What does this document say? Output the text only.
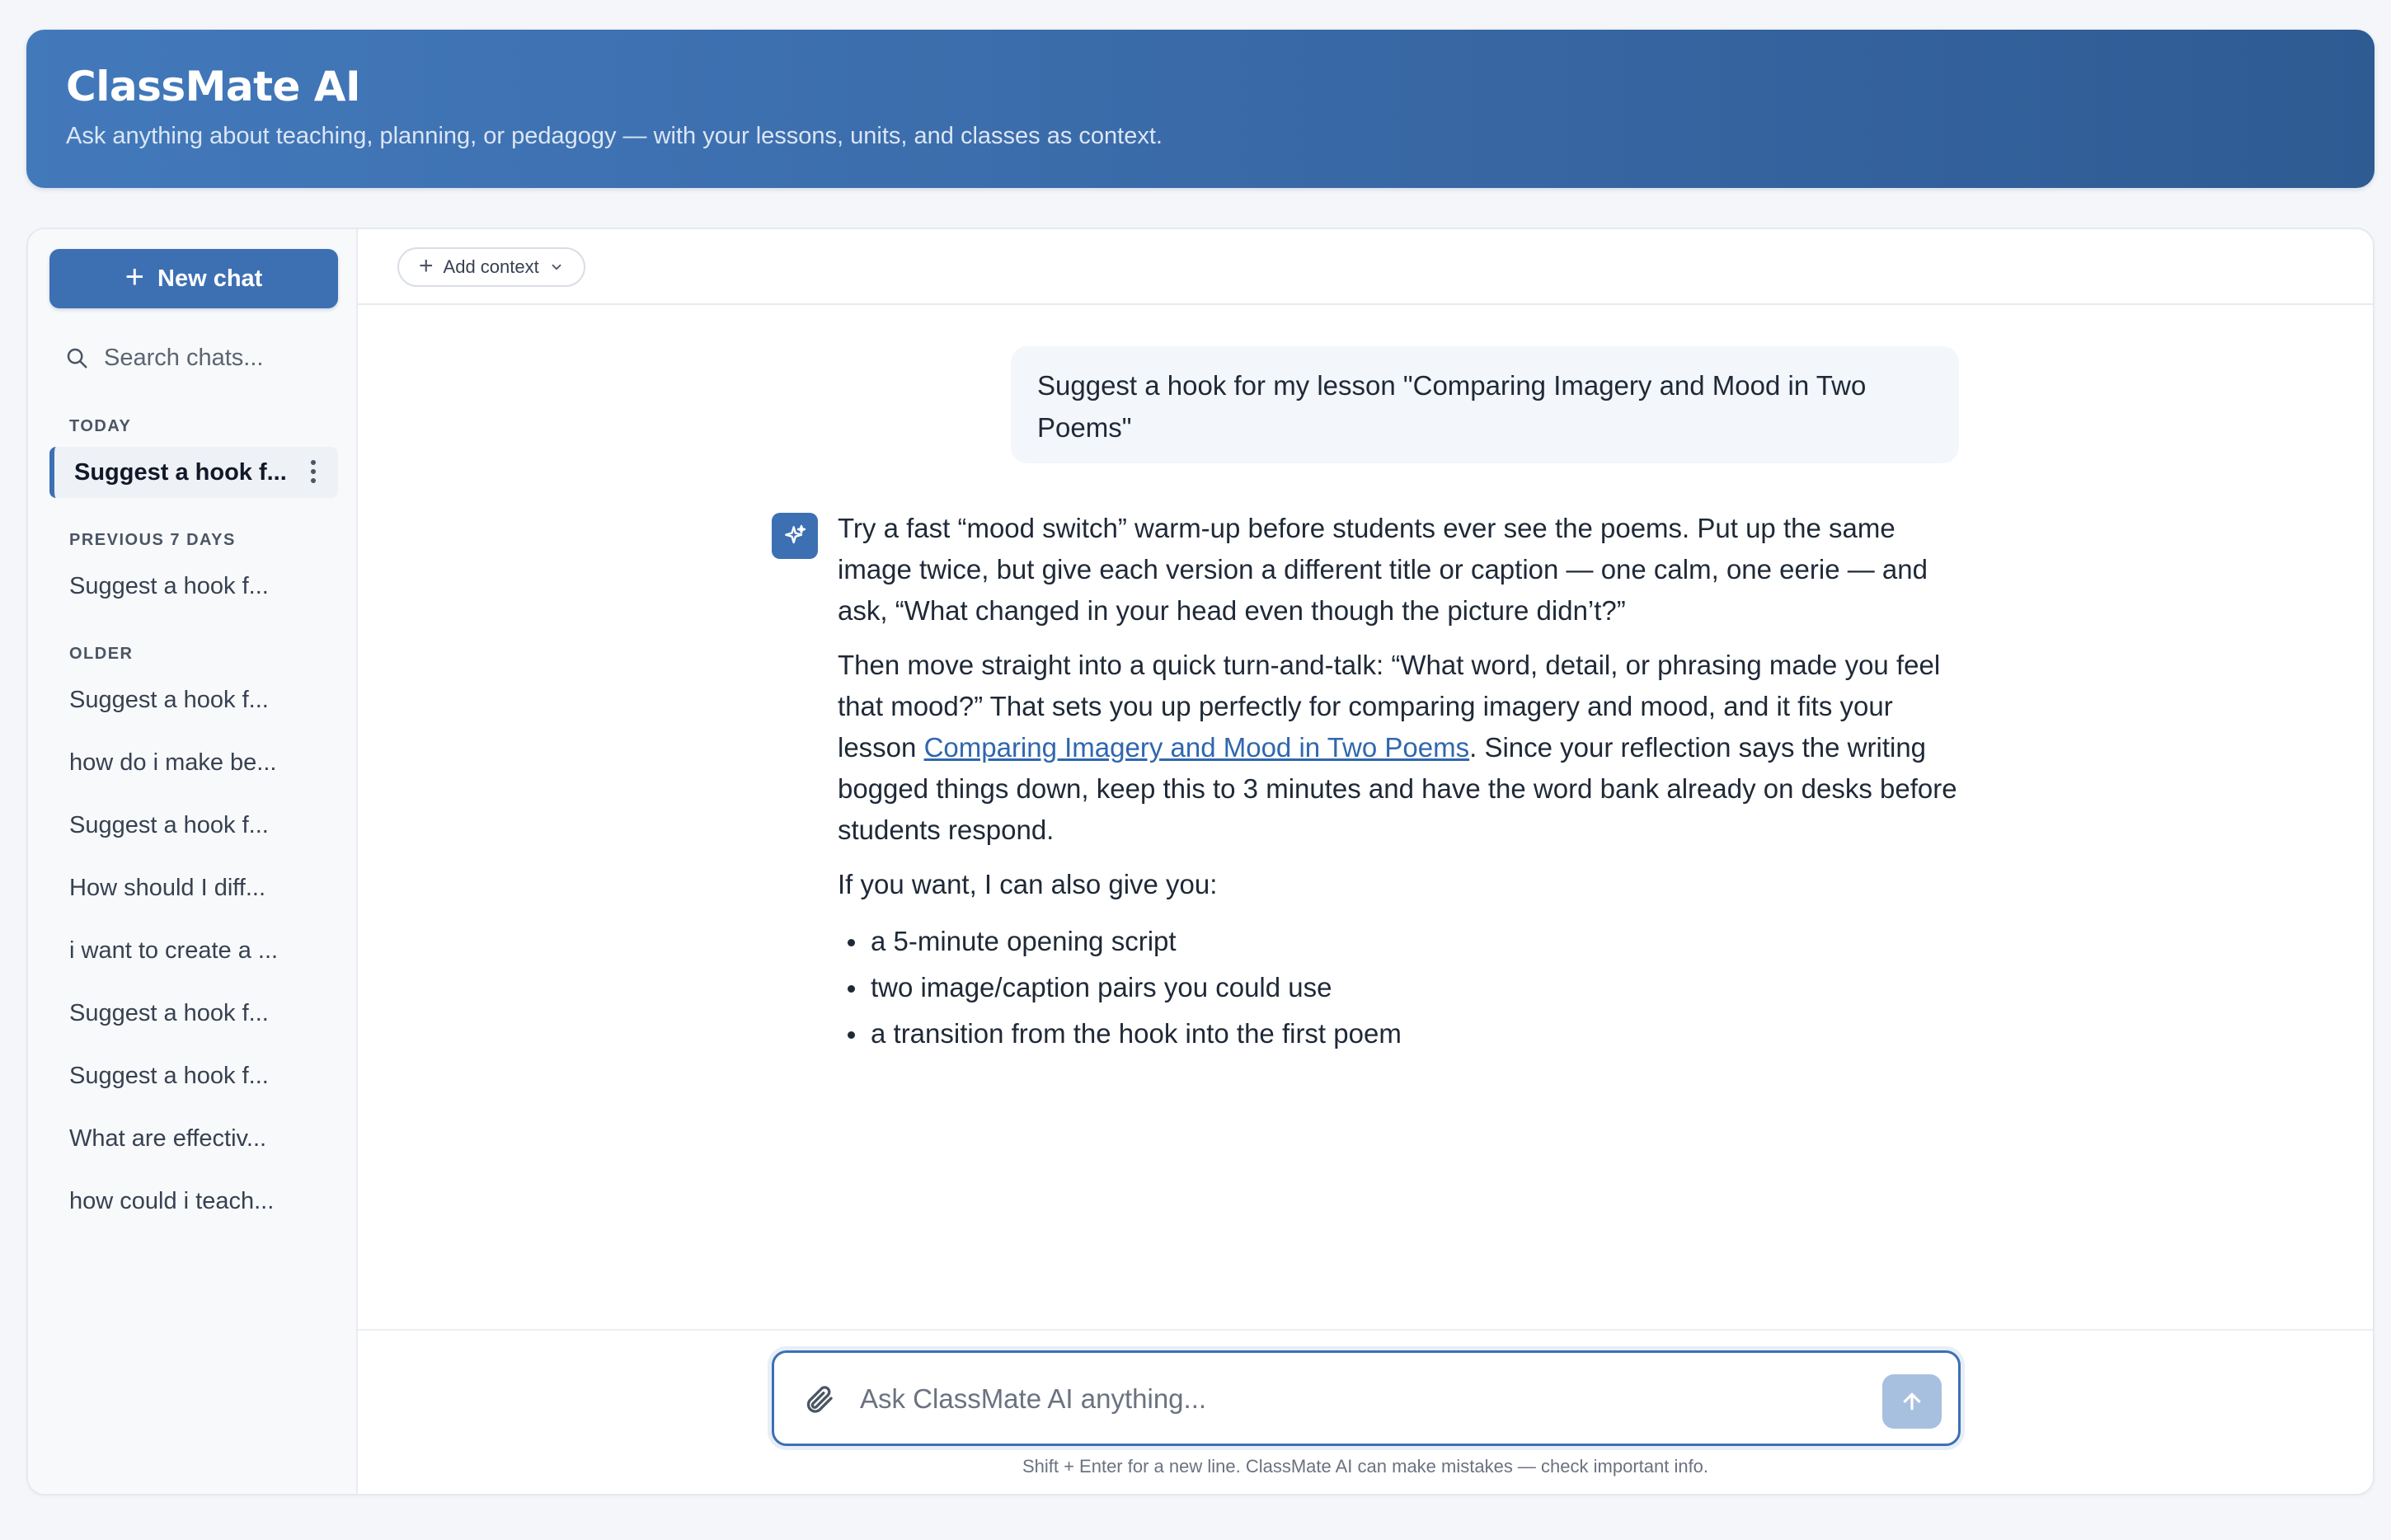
ClassMate AI

Ask anything about teaching, planning, or pedagogy — with your lessons, units, and classes as context.

+ New chat
Search chats...
TODAY
Suggest a hook f...
PREVIOUS 7 DAYS
Suggest a hook f...
OLDER
Suggest a hook f...
how do i make be...
Suggest a hook f...
How should I diff...
i want to create a ...
Suggest a hook f...
Suggest a hook f...
What are effectiv...
how could i teach...
+ Add context
Suggest a hook for my lesson "Comparing Imagery and Mood in Two Poems"

Try a fast “mood switch” warm-up before students ever see the poems. Put up the same image twice, but give each version a different title or caption — one calm, one eerie — and ask, “What changed in your head even though the picture didn’t?”

Then move straight into a quick turn-and-talk: “What word, detail, or phrasing made you feel that mood?” That sets you up perfectly for comparing imagery and mood, and it fits your lesson Comparing Imagery and Mood in Two Poems. Since your reflection says the writing bogged things down, keep this to 3 minutes and have the word bank already on desks before students respond.

If you want, I can also give you:

a 5-minute opening script
two image/caption pairs you could use
a transition from the hook into the first poem
Ask ClassMate AI anything...
Shift + Enter for a new line. ClassMate AI can make mistakes — check important info.
